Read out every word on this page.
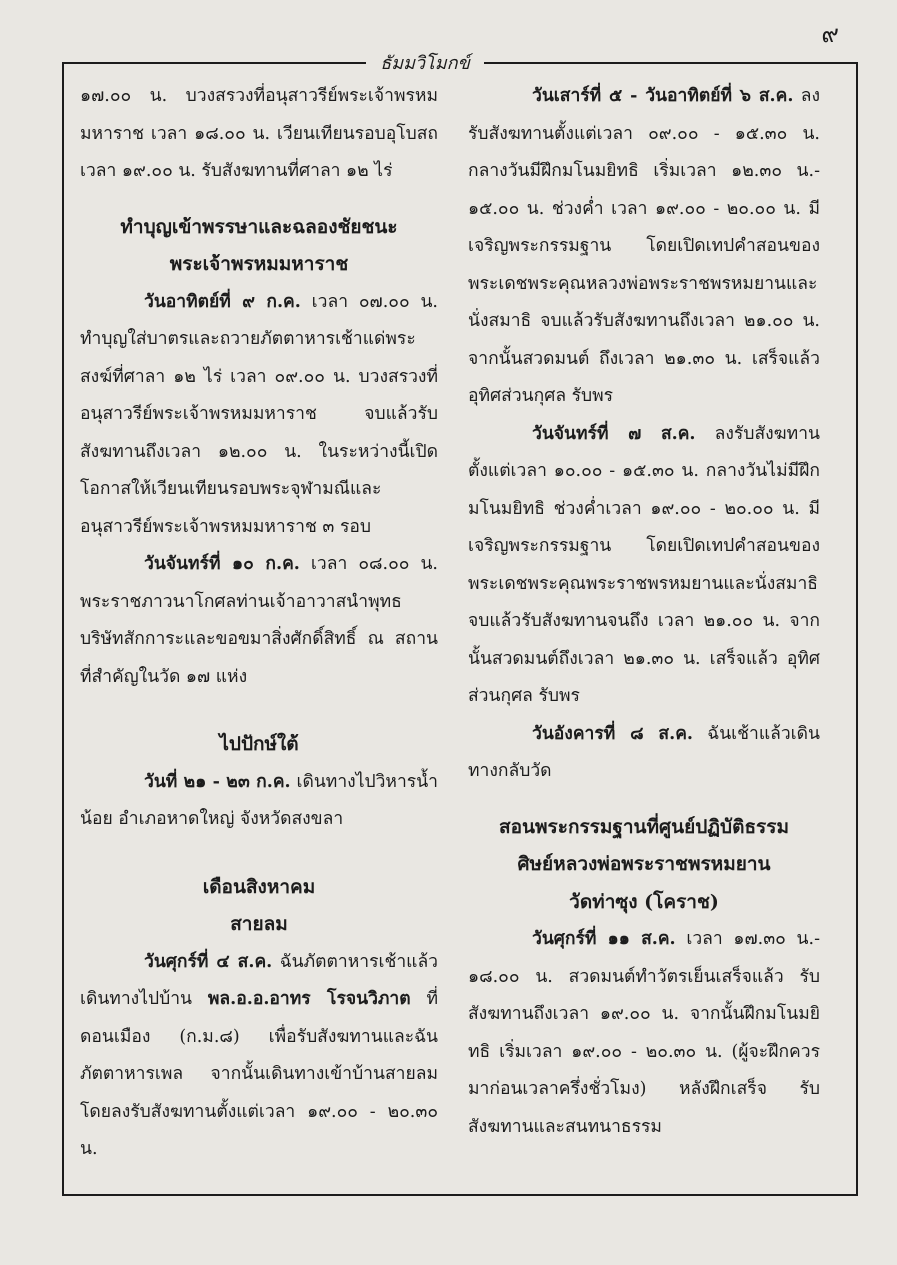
๙
ธัมมวิโมกข์

๑๗.๐๐ น. บวงสรวงที่อนุสาวรีย์พระเจ้าพรหมมหาราช เวลา ๑๘.๐๐ น. เวียนเทียนรอบอุโบสถ เวลา ๑๙.๐๐ น. รับสังฆทานที่ศาลา ๑๒ ไร่

ทำบุญเข้าพรรษาและฉลองชัยชนะ
พระเจ้าพรหมมหาราช

วันอาทิตย์ที่ ๙ ก.ค. เวลา ๐๗.๐๐ น. ทำบุญใส่บาตรและถวายภัตตาหารเช้าแด่พระสงฆ์ที่ศาลา ๑๒ ไร่ เวลา ๐๙.๐๐ น. บวงสรวงที่อนุสาวรีย์พระเจ้าพรหมมหาราช จบแล้วรับสังฆทานถึงเวลา ๑๒.๐๐ น. ในระหว่างนี้เปิดโอกาสให้เวียนเทียนรอบพระจุฬามณีและอนุสาวรีย์พระเจ้าพรหมมหาราช ๓ รอบ

วันจันทร์ที่ ๑๐ ก.ค. เวลา ๐๘.๐๐ น. พระราชภาวนาโกศลท่านเจ้าอาวาสนำพุทธบริษัทสักการะและขอขมาสิ่งศักดิ์สิทธิ์ ณ สถานที่สำคัญในวัด ๑๗ แห่ง

ไปปักษ์ใต้

วันที่ ๒๑ - ๒๓ ก.ค. เดินทางไปวิหารน้ำน้อย อำเภอหาดใหญ่ จังหวัดสงขลา

เดือนสิงหาคม
สายลม

วันศุกร์ที่ ๔ ส.ค. ฉันภัตตาหารเช้าแล้ว เดินทางไปบ้าน พล.อ.อ.อาทร โรจนวิภาต ที่ดอนเมือง (ก.ม.๘) เพื่อรับสังฆทานและฉันภัตตาหารเพล จากนั้นเดินทางเข้าบ้านสายลม โดยลงรับสังฆทานตั้งแต่เวลา ๑๙.๐๐ - ๒๐.๓๐ น.

วันเสาร์ที่ ๕ - วันอาทิตย์ที่ ๖ ส.ค. ลงรับสังฆทานตั้งแต่เวลา ๐๙.๐๐ - ๑๕.๓๐ น. กลางวันมีฝึกมโนมยิทธิ เริ่มเวลา ๑๒.๓๐ น.- ๑๕.๐๐ น. ช่วงค่ำ เวลา ๑๙.๐๐ - ๒๐.๐๐ น. มีเจริญพระกรรมฐาน โดยเปิดเทปคำสอนของพระเดชพระคุณหลวงพ่อพระราชพรหมยานและนั่งสมาธิ จบแล้วรับสังฆทานถึงเวลา ๒๑.๐๐ น. จากนั้นสวดมนต์ ถึงเวลา ๒๑.๓๐ น. เสร็จแล้ว อุทิศส่วนกุศล รับพร

วันจันทร์ที่ ๗ ส.ค. ลงรับสังฆทานตั้งแต่เวลา ๑๐.๐๐ - ๑๕.๓๐ น. กลางวันไม่มีฝึกมโนมยิทธิ ช่วงค่ำเวลา ๑๙.๐๐ - ๒๐.๐๐ น. มีเจริญพระกรรมฐาน โดยเปิดเทปคำสอนของพระเดชพระคุณพระราชพรหมยานและนั่งสมาธิ จบแล้วรับสังฆทานจนถึง เวลา ๒๑.๐๐ น. จากนั้นสวดมนต์ถึงเวลา ๒๑.๓๐ น. เสร็จแล้ว อุทิศส่วนกุศล รับพร

วันอังคารที่ ๘ ส.ค. ฉันเช้าแล้วเดินทางกลับวัด

สอนพระกรรมฐานที่ศูนย์ปฏิบัติธรรม
ศิษย์หลวงพ่อพระราชพรหมยาน
วัดท่าซุง (โคราช)

วันศุกร์ที่ ๑๑ ส.ค. เวลา ๑๗.๓๐ น.- ๑๘.๐๐ น. สวดมนต์ทำวัตรเย็นเสร็จแล้ว รับสังฆทานถึงเวลา ๑๙.๐๐ น. จากนั้นฝึกมโนมยิทธิ เริ่มเวลา ๑๙.๐๐ - ๒๐.๓๐ น. (ผู้จะฝึกควรมาก่อนเวลาครึ่งชั่วโมง) หลังฝึกเสร็จ รับสังฆทานและสนทนาธรรม
